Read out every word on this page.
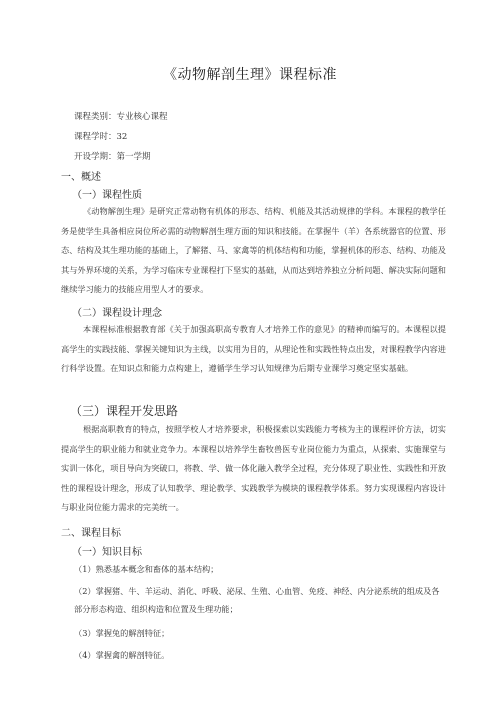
《动物解剖生理》课程标准
课程类别：专业核心课程
课程学时：32
开设学期：第一学期
一、概述
（一）课程性质
《动物解剖生理》是研究正常动物有机体的形态、结构、机能及其活动规律的学科。本课程的教学任务是使学生具备相应岗位所必需的动物解剖生理方面的知识和技能。在掌握牛（羊）各系统器官的位置、形态、结构及其生理功能的基础上，了解猪、马、家禽等的机体结构和功能，掌握机体的形态、结构、功能及其与外界环境的关系，为学习临床专业课程打下坚实的基础，从而达到培养独立分析问题、解决实际问题和继续学习能力的技能应用型人才的要求。
（二）课程设计理念
本课程标准根据教育部《关于加强高职高专教育人才培养工作的意见》的精神而编写的。本课程以提高学生的实践技能、掌握关键知识为主线，以实用为目的，从理论性和实践性特点出发，对课程教学内容进行科学设置。在知识点和能力点构建上，遵循学生学习认知规律为后期专业课学习奠定坚实基础。
（三）课程开发思路
根据高职教育的特点，按照学校人才培养要求，积极探索以实践能力考核为主的课程评价方法，切实提高学生的职业能力和就业竞争力。本课程以培养学生畜牧兽医专业岗位能力为重点，从探索、实施课堂与实训一体化，项目导向为突破口，将教、学、做一体化融入教学全过程，充分体现了职业性、实践性和开放性的课程设计理念，形成了认知教学、理论教学、实践教学为模块的课程教学体系。努力实现课程内容设计与职业岗位能力需求的完美统一。
二、课程目标
（一）知识目标
（1）熟悉基本概念和畜体的基本结构；
（2）掌握猪、牛、羊运动、消化、呼吸、泌尿、生殖、心血管、免疫、神经、内分泌系统的组成及各部分形态构造、组织构造和位置及生理功能；
（3）掌握兔的解剖特征；
（4）掌握禽的解剖特征。
